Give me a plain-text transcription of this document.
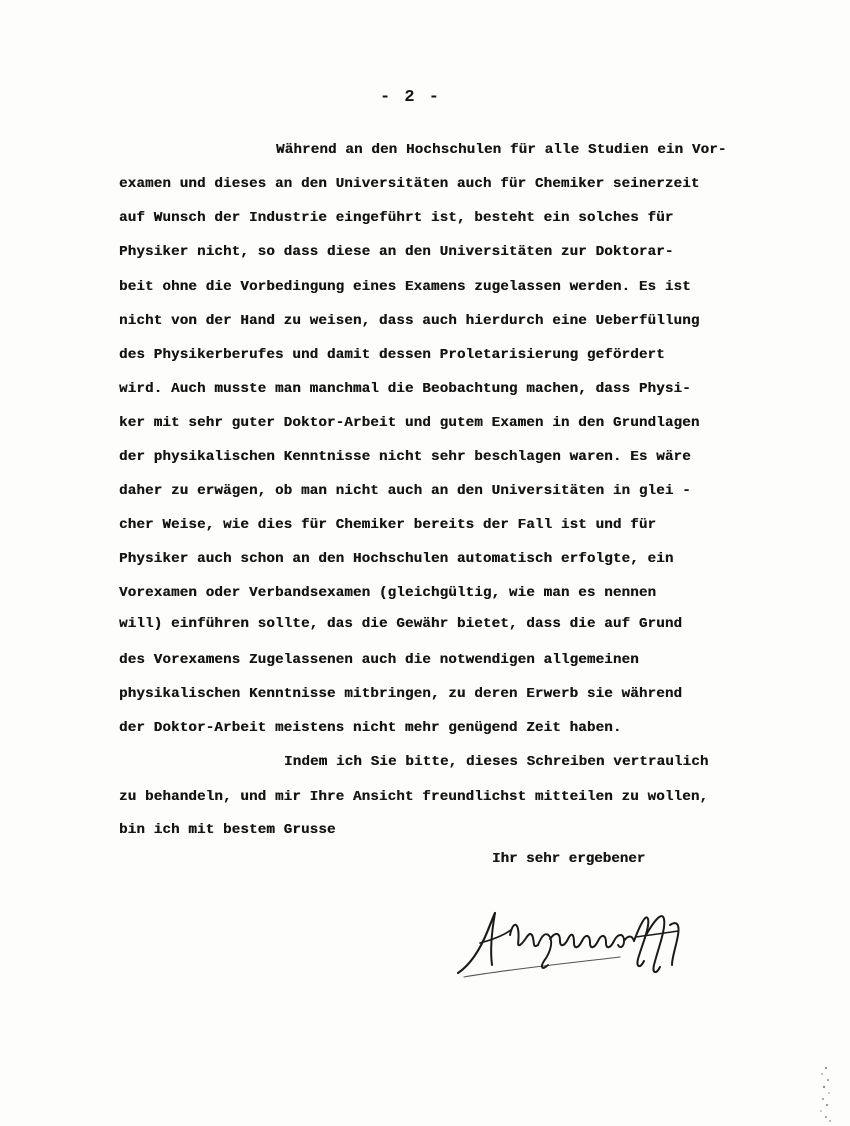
- 2 -
Während an den Hochschulen für alle Studien ein Vor-
examen und dieses an den Universitäten auch für Chemiker seinerzeit
auf Wunsch der Industrie eingeführt ist, besteht ein solches für
Physiker nicht, so dass diese an den Universitäten zur Doktorar-
beit ohne die Vorbedingung eines Examens zugelassen werden. Es ist
nicht von der Hand zu weisen, dass auch hierdurch eine Ueberfüllung
des Physikerberufes und damit dessen Proletarisierung gefördert
wird. Auch musste man manchmal die Beobachtung machen, dass Physi-
ker mit sehr guter Doktor-Arbeit und gutem Examen in den Grundlagen
der physikalischen Kenntnisse nicht sehr beschlagen waren. Es wäre
daher zu erwägen, ob man nicht auch an den Universitäten in glei -
cher Weise, wie dies für Chemiker bereits der Fall ist und für
Physiker auch schon an den Hochschulen automatisch erfolgte, ein
Vorexamen oder Verbandsexamen (gleichgültig, wie man es nennen
will) einführen sollte, das die Gewähr bietet, dass die auf Grund
des Vorexamens Zugelassenen auch die notwendigen allgemeinen
physikalischen Kenntnisse mitbringen, zu deren Erwerb sie während
der Doktor-Arbeit meistens nicht mehr genügend Zeit haben.
Indem ich Sie bitte, dieses Schreiben vertraulich
zu behandeln, und mir Ihre Ansicht freundlichst mitteilen zu wollen,
bin ich mit bestem Grusse
Ihr sehr ergebener
